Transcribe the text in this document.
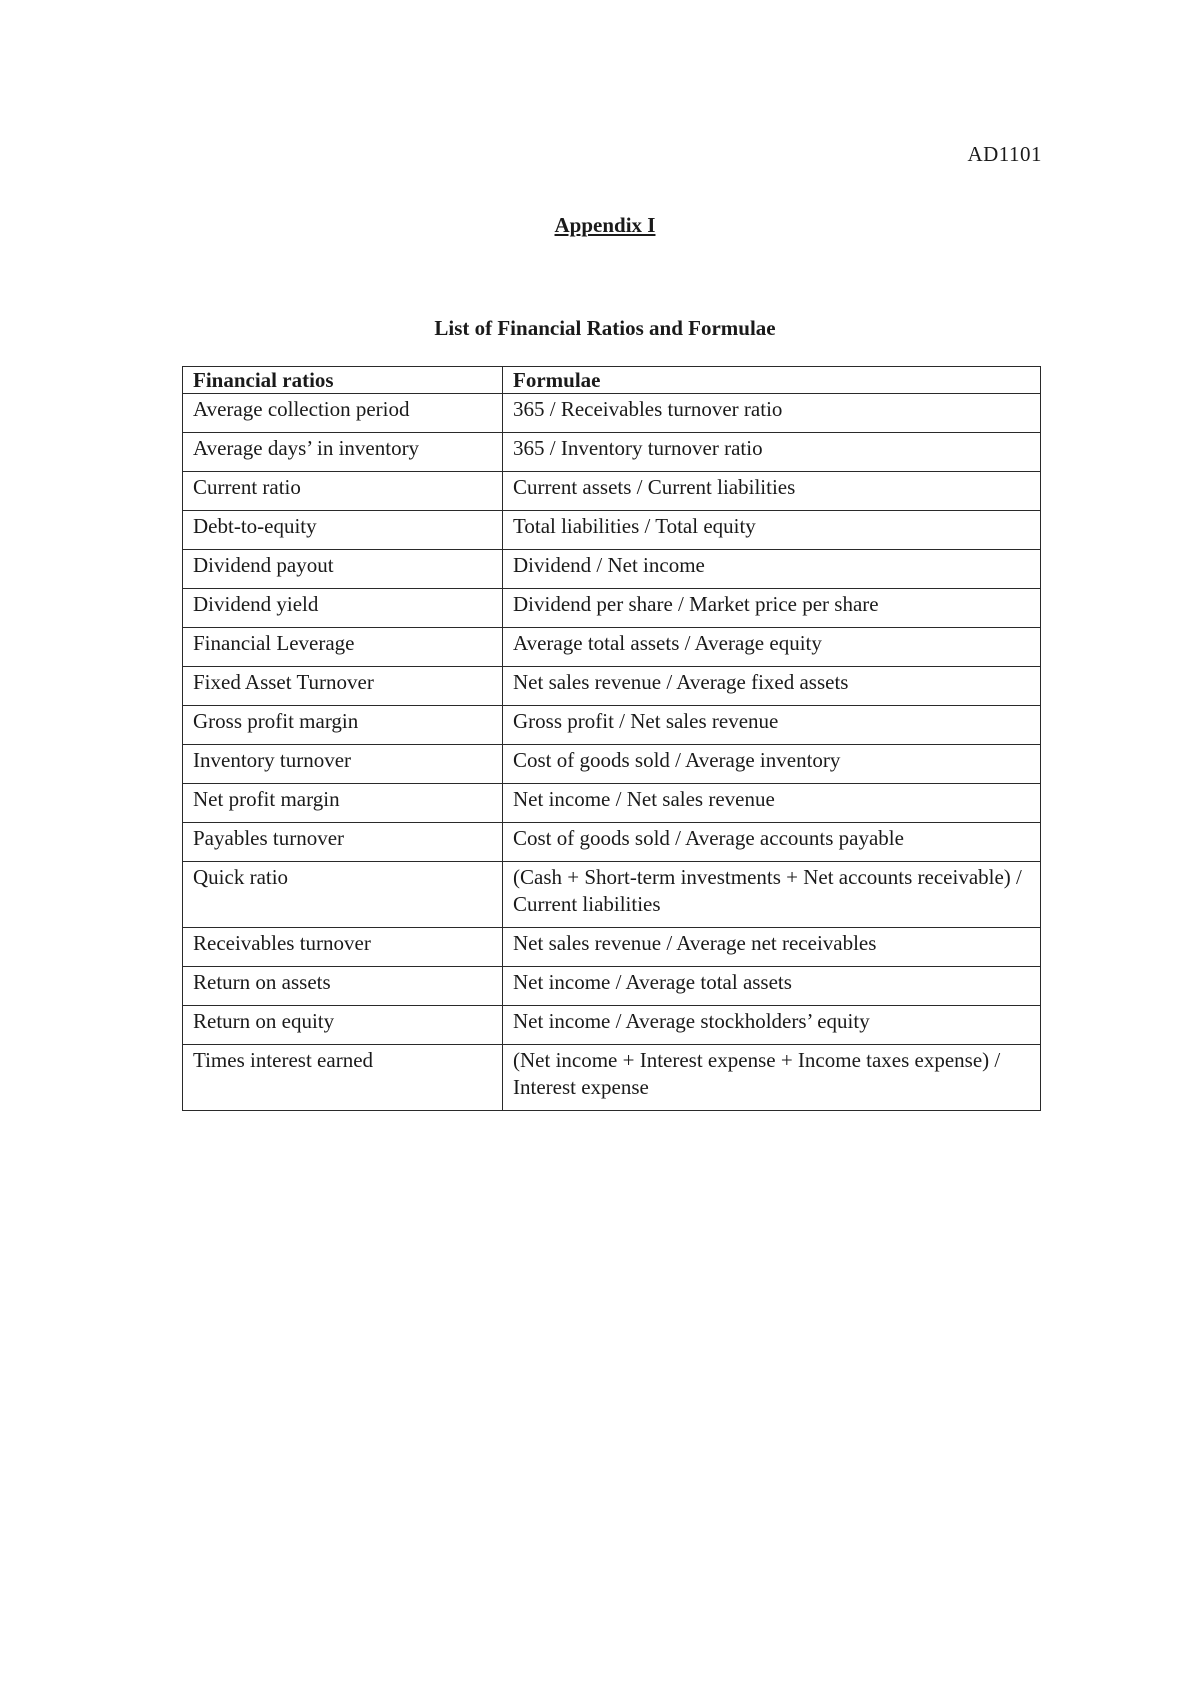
AD1101
Appendix I
List of Financial Ratios and Formulae
Financial ratios	Formulae
Average collection period	365 / Receivables turnover ratio
Average days’ in inventory	365 / Inventory turnover ratio
Current ratio	Current assets / Current liabilities
Debt-to-equity	Total liabilities / Total equity
Dividend payout	Dividend / Net income
Dividend yield	Dividend per share / Market price per share
Financial Leverage	Average total assets / Average equity
Fixed Asset Turnover	Net sales revenue / Average fixed assets
Gross profit margin	Gross profit / Net sales revenue
Inventory turnover	Cost of goods sold / Average inventory
Net profit margin	Net income / Net sales revenue
Payables turnover	Cost of goods sold / Average accounts payable
Quick ratio	(Cash + Short-term investments + Net accounts receivable) / Current liabilities
Receivables turnover	Net sales revenue / Average net receivables
Return on assets	Net income / Average total assets
Return on equity	Net income / Average stockholders’ equity
Times interest earned	(Net income + Interest expense + Income taxes expense) / Interest expense
